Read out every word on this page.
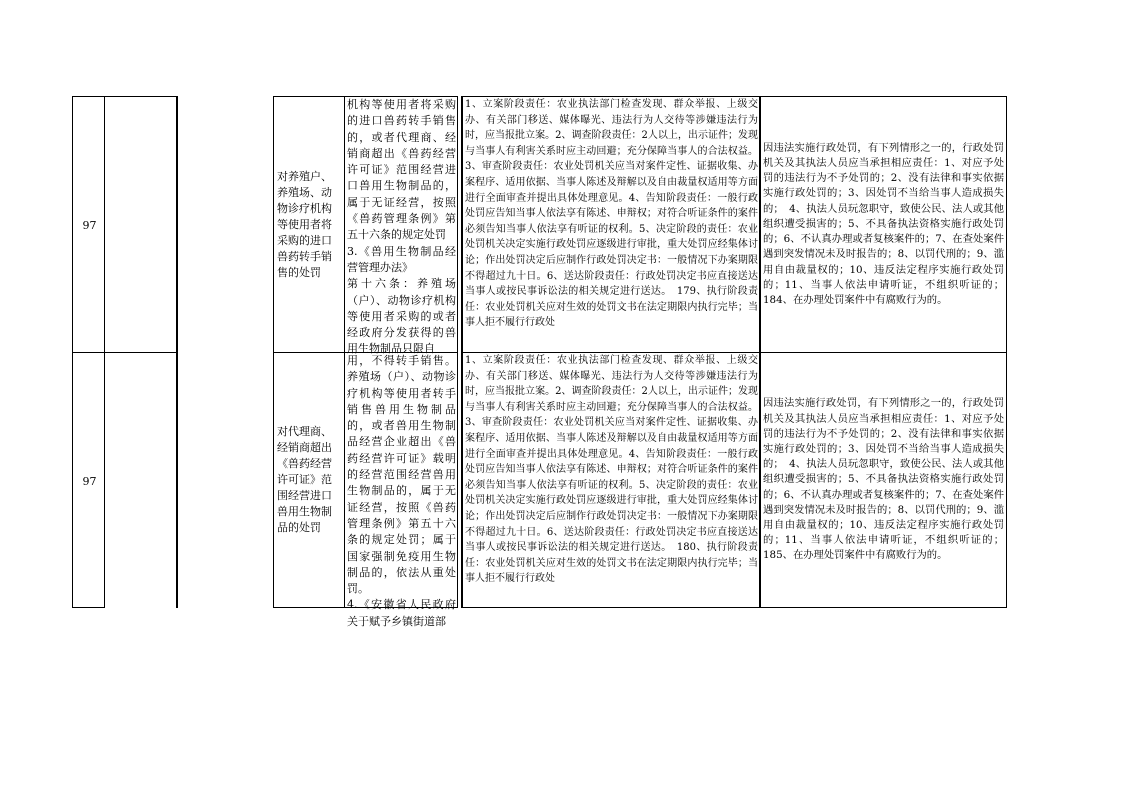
97
对养殖户、养殖场、动物诊疗机构等使用者将采购的进口兽药转手销售的处罚
机构等使用者将采购的进口兽药转手销售的，或者代理商、经销商超出《兽药经营许可证》范围经营进口兽用生物制品的，属于无证经营，按照《兽药管理条例》第五十六条的规定处罚
3.《兽用生物制品经营管理办法》
第十六条：养殖场（户）、动物诊疗机构等使用者采购的或者经政府分发获得的兽用生物制品只限自
1、立案阶段责任：农业执法部门检查发现、群众举报、上级交办、有关部门移送、媒体曝光、违法行为人交待等涉嫌违法行为时，应当报批立案。2、调查阶段责任：2人以上，出示证件；发现与当事人有利害关系时应主动回避；充分保障当事人的合法权益。3、审查阶段责任：农业处罚机关应当对案件定性、证据收集、办案程序、适用依据、当事人陈述及辩解以及自由裁量权适用等方面进行全面审查并提出具体处理意见。4、告知阶段责任：一般行政处罚应告知当事人依法享有陈述、申辩权；对符合听证条件的案件必须告知当事人依法享有听证的权利。5、决定阶段的责任：农业处罚机关决定实施行政处罚应逐级进行审批，重大处罚应经集体讨论；作出处罚决定后应制作行政处罚决定书：一般情况下办案期限不得超过九十日。6、送达阶段责任：行政处罚决定书应直接送达当事人或按民事诉讼法的相关规定进行送达。　179、执行阶段责任：农业处罚机关应对生效的处罚文书在法定期限内执行完毕；当事人拒不履行行政处
因违法实施行政处罚，有下列情形之一的，行政处罚机关及其执法人员应当承担相应责任：1、对应予处罚的违法行为不予处罚的；2、没有法律和事实依据实施行政处罚的；3、因处罚不当给当事人造成损失的；　4、执法人员玩忽职守，致使公民、法人或其他组织遭受损害的；5、不具备执法资格实施行政处罚的；6、不认真办理或者复核案件的；7、在查处案件遇到突发情况未及时报告的；8、以罚代刑的；9、滥用自由裁量权的；10、违反法定程序实施行政处罚的；11、当事人依法申请听证，不组织听证的；184、在办理处罚案件中有腐败行为的。
97
对代理商、经销商超出《兽药经营许可证》范围经营进口兽用生物制品的处罚
用，不得转手销售。养殖场（户）、动物诊疗机构等使用者转手销售兽用生物制品的，或者兽用生物制品经营企业超出《兽药经营许可证》载明的经营范围经营兽用生物制品的，属于无证经营，按照《兽药管理条例》第五十六条的规定处罚；属于国家强制免疫用生物制品的，依法从重处罚。
4.《安徽省人民政府关于赋予乡镇街道部
1、立案阶段责任：农业执法部门检查发现、群众举报、上级交办、有关部门移送、媒体曝光、违法行为人交待等涉嫌违法行为时，应当报批立案。2、调查阶段责任：2人以上，出示证件；发现与当事人有利害关系时应主动回避；充分保障当事人的合法权益。3、审查阶段责任：农业处罚机关应当对案件定性、证据收集、办案程序、适用依据、当事人陈述及辩解以及自由裁量权适用等方面进行全面审查并提出具体处理意见。4、告知阶段责任：一般行政处罚应告知当事人依法享有陈述、申辩权；对符合听证条件的案件必须告知当事人依法享有听证的权利。5、决定阶段的责任：农业处罚机关决定实施行政处罚应逐级进行审批，重大处罚应经集体讨论；作出处罚决定后应制作行政处罚决定书：一般情况下办案期限不得超过九十日。6、送达阶段责任：行政处罚决定书应直接送达当事人或按民事诉讼法的相关规定进行送达。　180、执行阶段责任：农业处罚机关应对生效的处罚文书在法定期限内执行完毕；当事人拒不履行行政处
因违法实施行政处罚，有下列情形之一的，行政处罚机关及其执法人员应当承担相应责任：1、对应予处罚的违法行为不予处罚的；2、没有法律和事实依据实施行政处罚的；3、因处罚不当给当事人造成损失的；　4、执法人员玩忽职守，致使公民、法人或其他组织遭受损害的；5、不具备执法资格实施行政处罚的；6、不认真办理或者复核案件的；7、在查处案件遇到突发情况未及时报告的；8、以罚代刑的；9、滥用自由裁量权的；10、违反法定程序实施行政处罚的；11、当事人依法申请听证，不组织听证的；185、在办理处罚案件中有腐败行为的。
